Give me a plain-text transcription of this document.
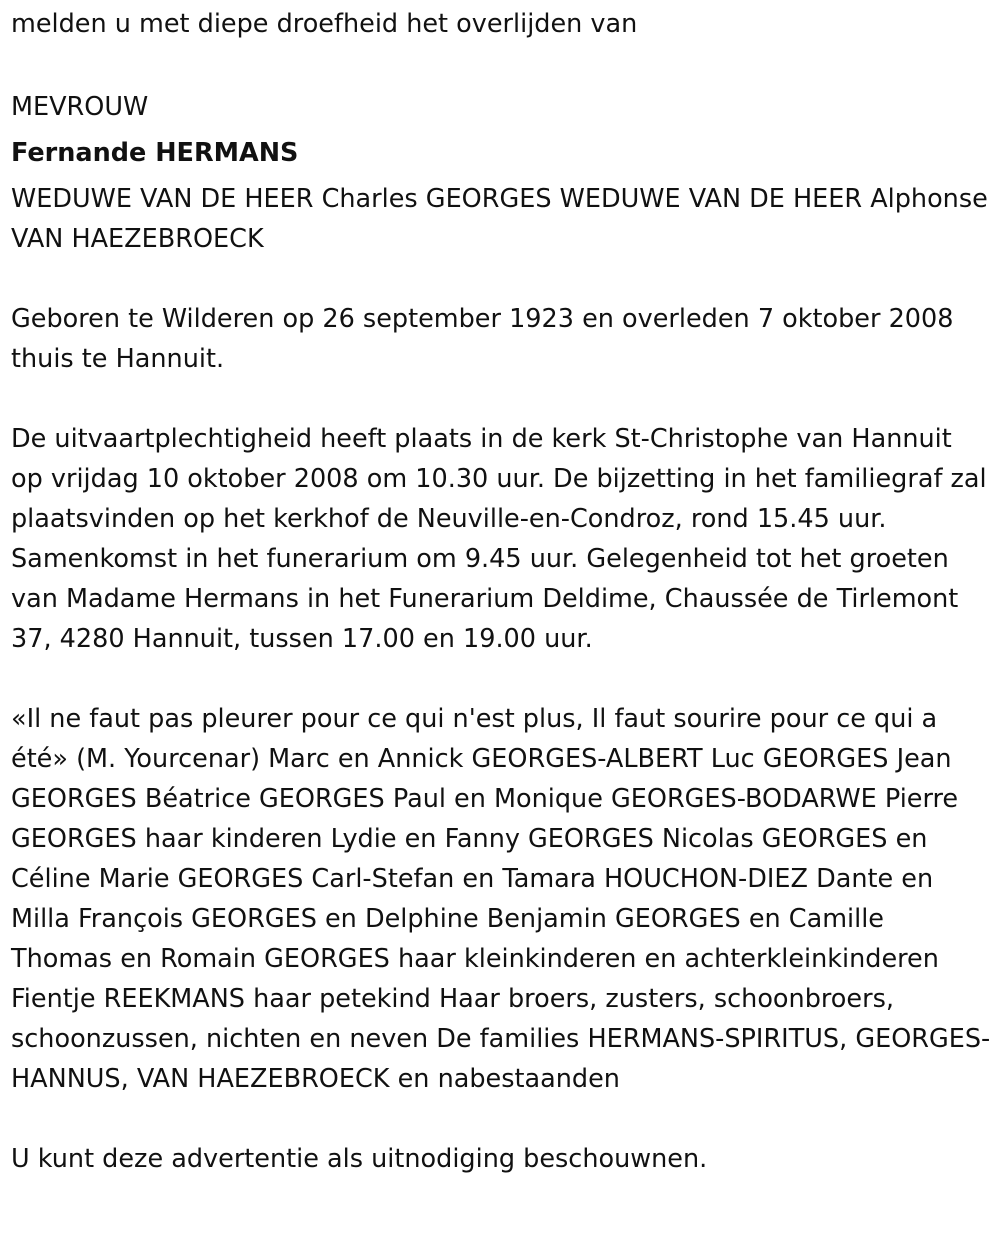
melden u met diepe droefheid het overlijden van

MEVROUW

Fernande HERMANS

WEDUWE VAN DE HEER Charles GEORGES WEDUWE VAN DE HEER Alphonse VAN HAEZEBROECK

Geboren te Wilderen op 26 september 1923 en overleden 7 oktober 2008 thuis te Hannuit.

De uitvaartplechtigheid heeft plaats in de kerk St-Christophe van Hannuit op vrijdag 10 oktober 2008 om 10.30 uur. De bijzetting in het familiegraf zal plaatsvinden op het kerkhof de Neuville-en-Condroz, rond 15.45 uur. Samenkomst in het funerarium om 9.45 uur. Gelegenheid tot het groeten van Madame Hermans in het Funerarium Deldime, Chaussée de Tirlemont 37, 4280 Hannuit, tussen 17.00 en 19.00 uur.

«Il ne faut pas pleurer pour ce qui n'est plus, Il faut sourire pour ce qui a été» (M. Yourcenar) Marc en Annick GEORGES-ALBERT Luc GEORGES Jean GEORGES Béatrice GEORGES Paul en Monique GEORGES-BODARWE Pierre GEORGES haar kinderen Lydie en Fanny GEORGES Nicolas GEORGES en Céline Marie GEORGES Carl-Stefan en Tamara HOUCHON-DIEZ Dante en Milla François GEORGES en Delphine Benjamin GEORGES en Camille Thomas en Romain GEORGES haar kleinkinderen en achterkleinkinderen Fientje REEKMANS haar petekind Haar broers, zusters, schoonbroers, schoonzussen, nichten en neven De families HERMANS-SPIRITUS, GEORGES-HANNUS, VAN HAEZEBROECK en nabestaanden

U kunt deze advertentie als uitnodiging beschouwnen.
